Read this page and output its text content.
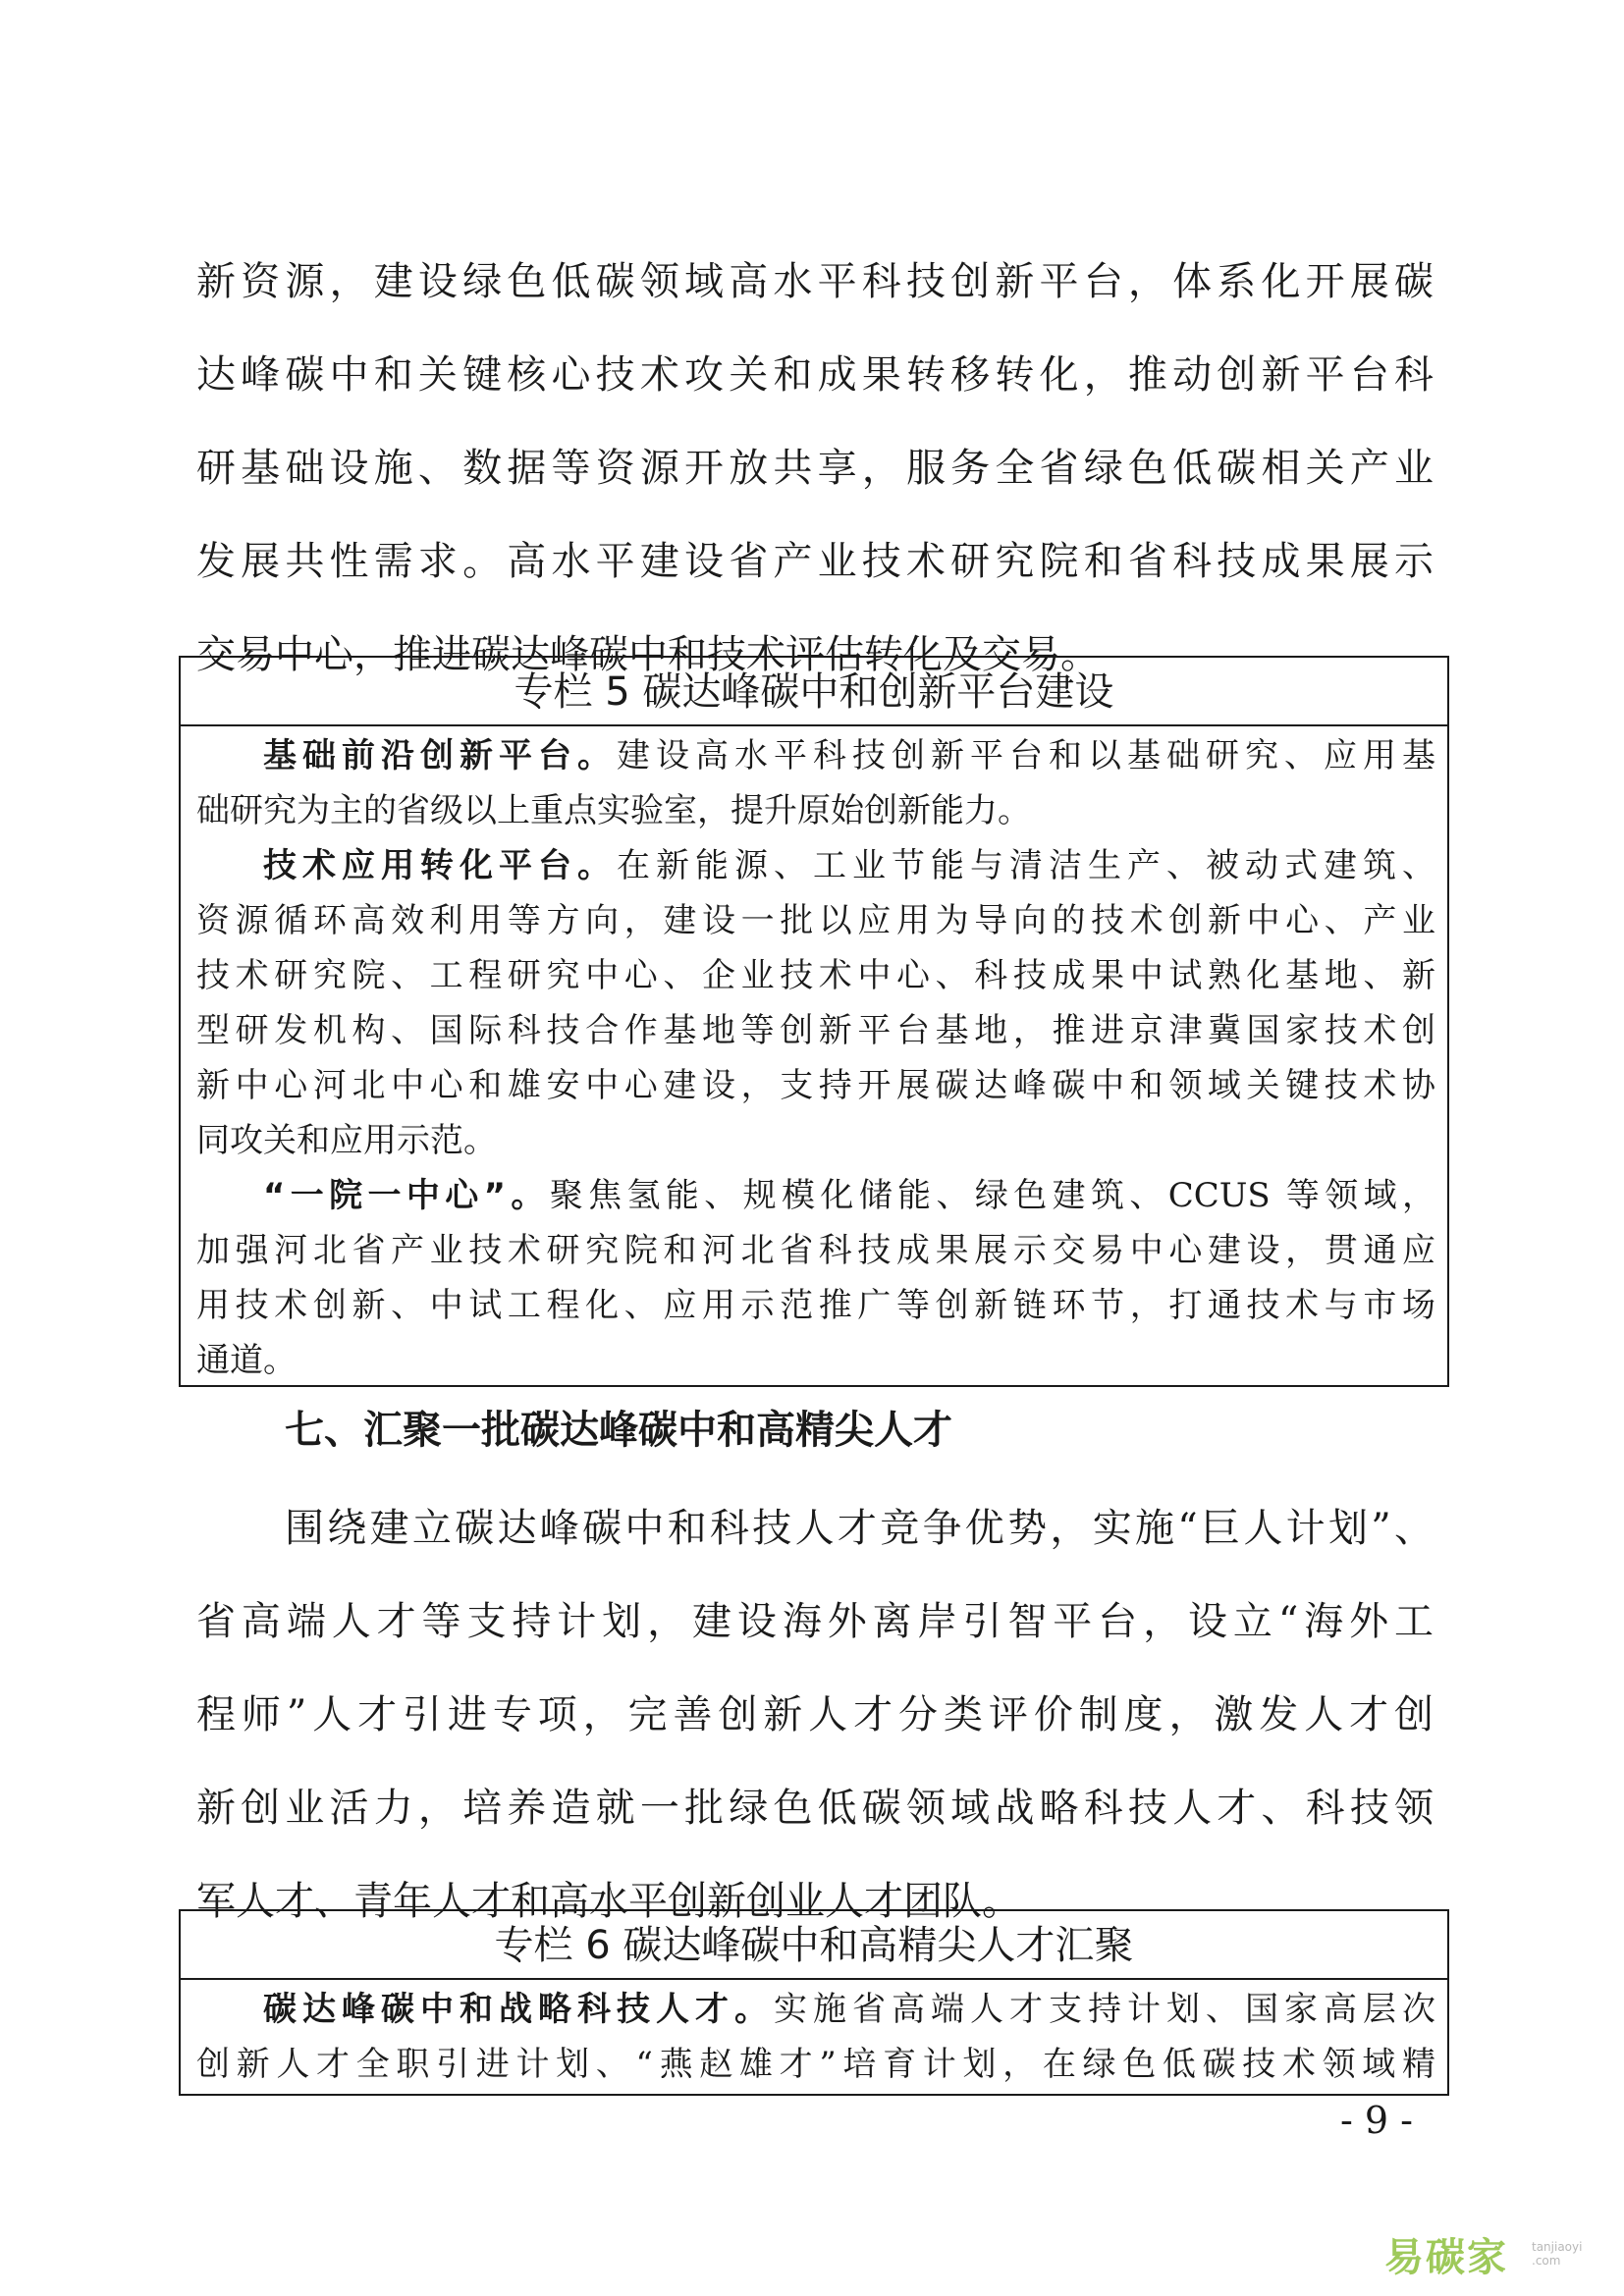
新资源，建设绿色低碳领域高水平科技创新平台，体系化开展碳
达峰碳中和关键核心技术攻关和成果转移转化，推动创新平台科
研基础设施、数据等资源开放共享，服务全省绿色低碳相关产业
发展共性需求。高水平建设省产业技术研究院和省科技成果展示
交易中心，推进碳达峰碳中和技术评估转化及交易。
专栏 5 碳达峰碳中和创新平台建设
基础前沿创新平台。建设高水平科技创新平台和以基础研究、应用基
础研究为主的省级以上重点实验室，提升原始创新能力。
技术应用转化平台。在新能源、工业节能与清洁生产、被动式建筑、
资源循环高效利用等方向，建设一批以应用为导向的技术创新中心、产业
技术研究院、工程研究中心、企业技术中心、科技成果中试熟化基地、新
型研发机构、国际科技合作基地等创新平台基地，推进京津冀国家技术创
新中心河北中心和雄安中心建设，支持开展碳达峰碳中和领域关键技术协
同攻关和应用示范。
“一院一中心”。聚焦氢能、规模化储能、绿色建筑、CCUS 等领域，
加强河北省产业技术研究院和河北省科技成果展示交易中心建设，贯通应
用技术创新、中试工程化、应用示范推广等创新链环节，打通技术与市场
通道。
七、汇聚一批碳达峰碳中和高精尖人才
围绕建立碳达峰碳中和科技人才竞争优势，实施“巨人计划”、
省高端人才等支持计划，建设海外离岸引智平台，设立“海外工
程师”人才引进专项，完善创新人才分类评价制度，激发人才创
新创业活力，培养造就一批绿色低碳领域战略科技人才、科技领
军人才、青年人才和高水平创新创业人才团队。
专栏 6 碳达峰碳中和高精尖人才汇聚
碳达峰碳中和战略科技人才。实施省高端人才支持计划、国家高层次
创新人才全职引进计划、“燕赵雄才”培育计划，在绿色低碳技术领域精
- 9 -
易碳家 tanjiaoyi .com
